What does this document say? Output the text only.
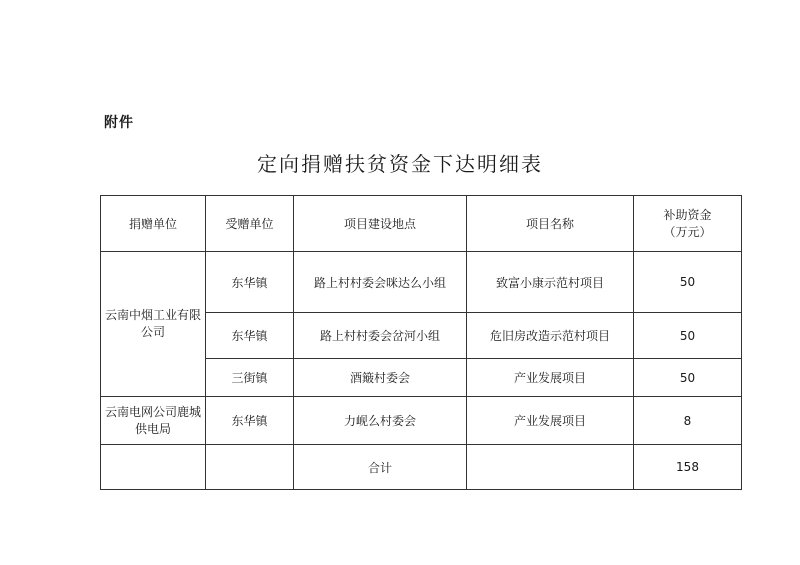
附件
定向捐赠扶贫资金下达明细表
捐赠单位	受赠单位	项目建设地点	项目名称	补助资金
（万元）
云南中烟工业有限公司	东华镇	路上村村委会咪达么小组	致富小康示范村项目	50
	东华镇	路上村村委会岔河小组	危旧房改造示范村项目	50
	三街镇	酒簸村委会	产业发展项目	50
云南电网公司鹿城供电局	东华镇	力岘么村委会	产业发展项目	8
		合计		158
